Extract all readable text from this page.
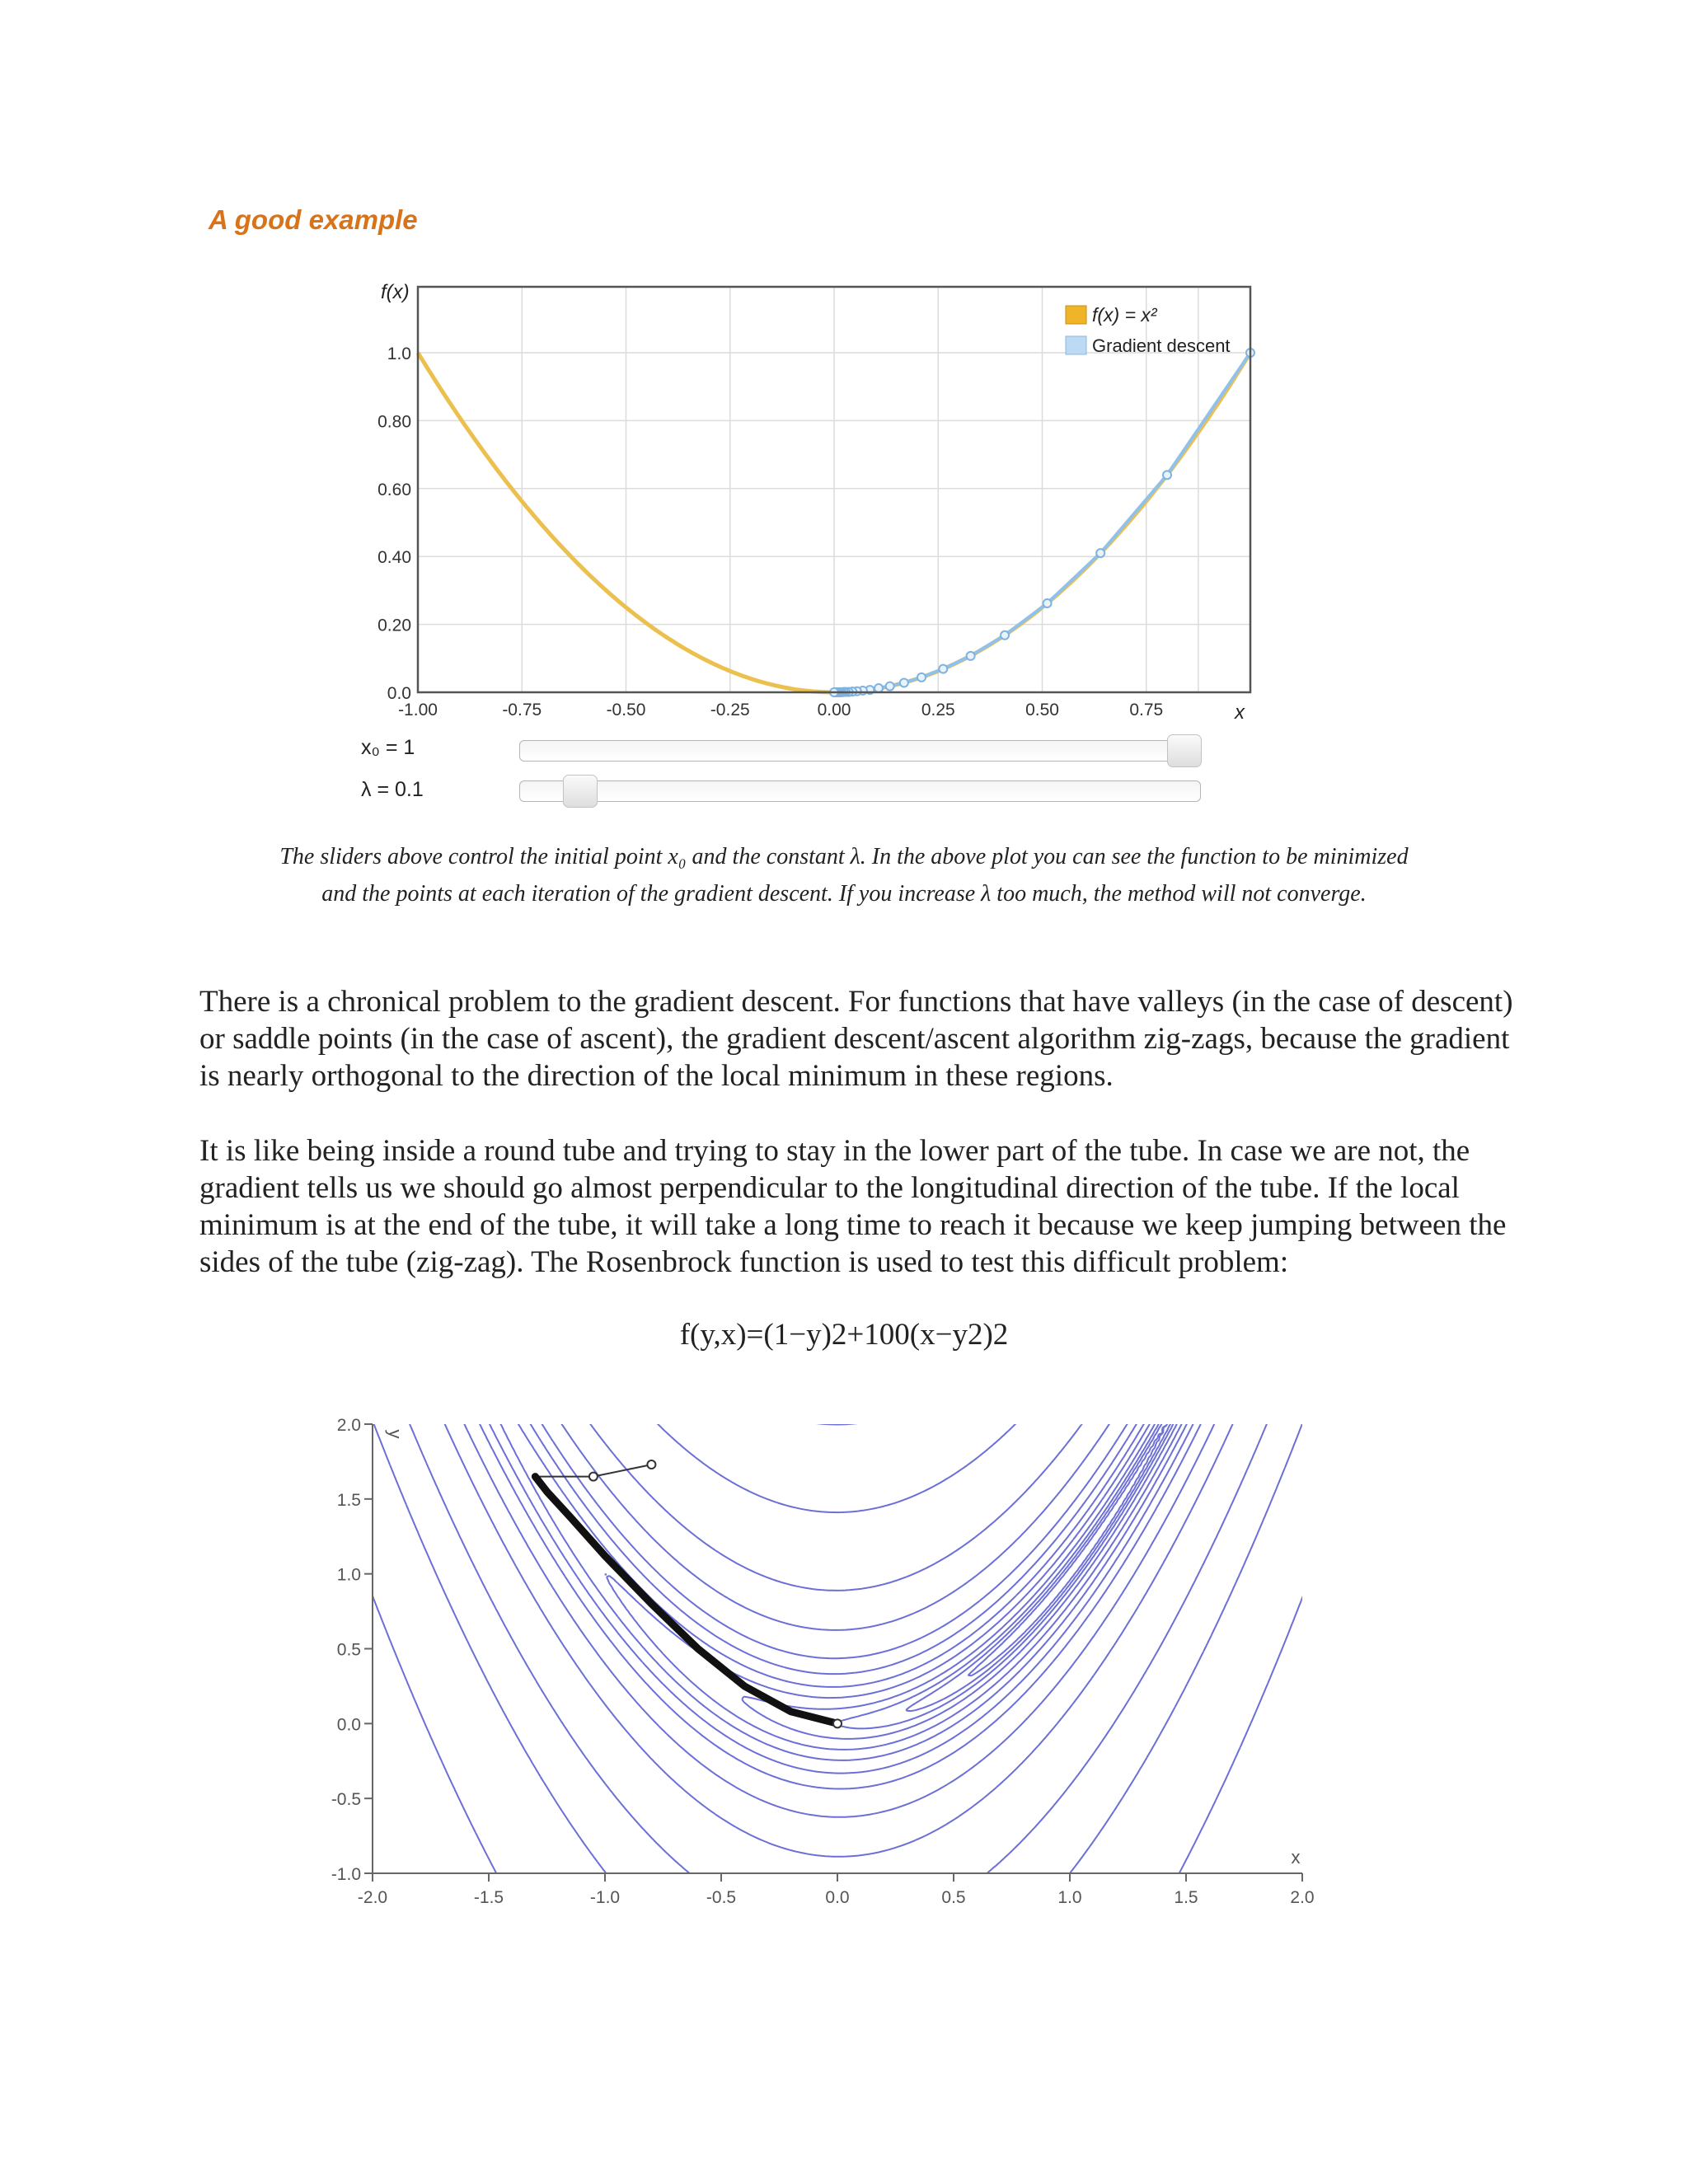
A good example
-1.00	-0.75	-0.50	-0.25	0.00	0.25	0.50	0.75
0.0
0.20
0.40
0.60
0.80
1.0
f(x)
x
f(x) = x²
Gradient descent
x₀ = 1
λ = 0.1
The sliders above control the initial point x₀ and the constant λ. In the above plot you can see the function to be minimized
and the points at each iteration of the gradient descent. If you increase λ too much, the method will not converge.

There is a chronical problem to the gradient descent. For functions that have valleys (in the case of descent) or saddle points (in the case of ascent), the gradient descent/ascent algorithm zig-zags, because the gradient is nearly orthogonal to the direction of the local minimum in these regions.

It is like being inside a round tube and trying to stay in the lower part of the tube. In case we are not, the gradient tells us we should go almost perpendicular to the longitudinal direction of the tube. If the local minimum is at the end of the tube, it will take a long time to reach it because we keep jumping between the sides of the tube (zig-zag). The Rosenbrock function is used to test this difficult problem:

f(y,x)=(1−y)2+100(x−y2)2
-2.0	-1.5	-1.0	-0.5	0.0	0.5	1.0	1.5	2.0
-1.0
-0.5
0.0
0.5
1.0
1.5
2.0 y
x
